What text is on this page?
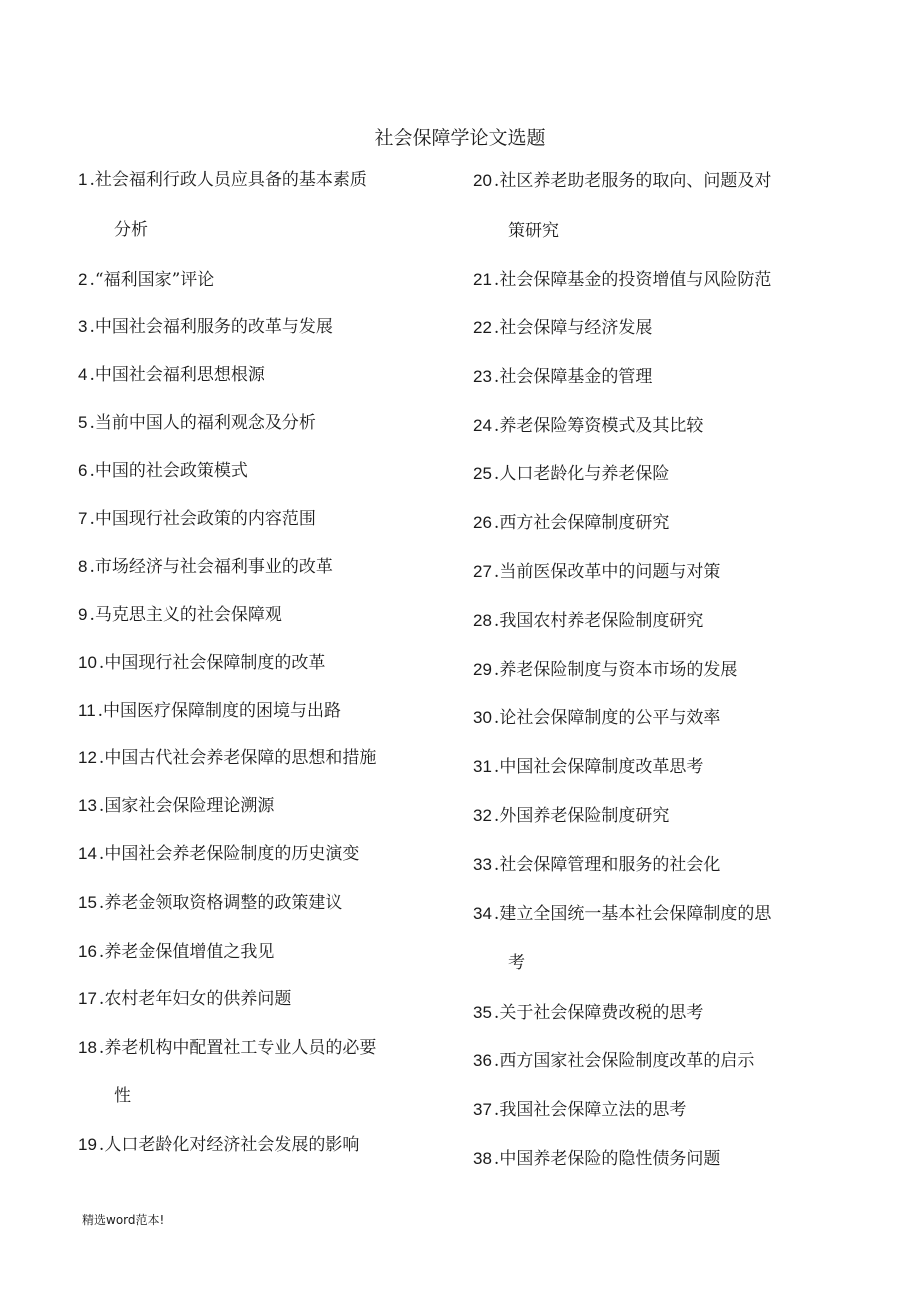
社会保障学论文选题
1 .社会福利行政人员应具备的基本素质
分析
2 .“福利国家”评论
3 .中国社会福利服务的改革与发展
4 .中国社会福利思想根源
5 .当前中国人的福利观念及分析
6 .中国的社会政策模式
7 .中国现行社会政策的内容范围
8 .市场经济与社会福利事业的改革
9 .马克思主义的社会保障观
10 .中国现行社会保障制度的改革
11 .中国医疗保障制度的困境与出路
12 .中国古代社会养老保障的思想和措施
13 .国家社会保险理论溯源
14 .中国社会养老保险制度的历史演变
15 .养老金领取资格调整的政策建议
16 .养老金保值增值之我见
17 .农村老年妇女的供养问题
18 .养老机构中配置社工专业人员的必要
性
19 .人口老龄化对经济社会发展的影响
20 .社区养老助老服务的取向、问题及对
策研究
21 .社会保障基金的投资增值与风险防范
22 .社会保障与经济发展
23 .社会保障基金的管理
24 .养老保险筹资模式及其比较
25 .人口老龄化与养老保险
26 .西方社会保障制度研究
27 .当前医保改革中的问题与对策
28 .我国农村养老保险制度研究
29 .养老保险制度与资本市场的发展
30 .论社会保障制度的公平与效率
31 .中国社会保障制度改革思考
32 .外国养老保险制度研究
33 .社会保障管理和服务的社会化
34 .建立全国统一基本社会保障制度的思
考
35 .关于社会保障费改税的思考
36 .西方国家社会保险制度改革的启示
37 .我国社会保障立法的思考
38 .中国养老保险的隐性债务问题
精选word范本!
